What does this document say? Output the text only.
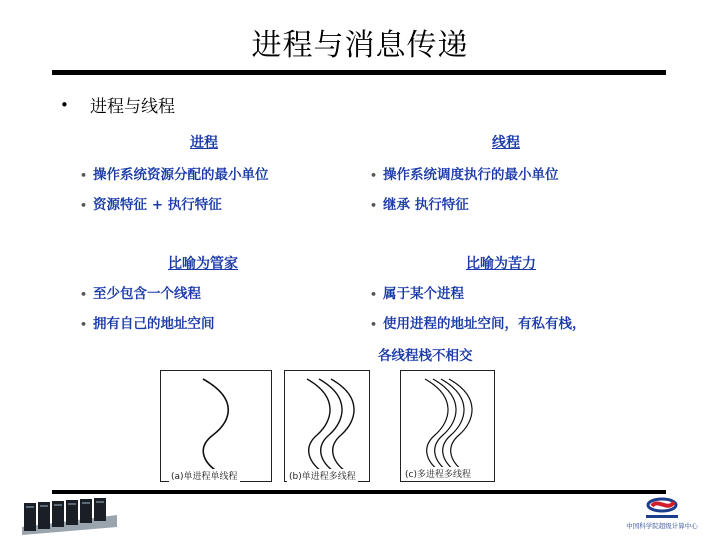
进程与消息传递
• 进程与线程
进程	线程
• 操作系统资源分配的最小单位
• 资源特征 + 执行特征
• 操作系统调度执行的最小单位
• 继承 执行特征
比喻为管家	比喻为苦力
• 至少包含一个线程
• 拥有自己的地址空间
• 属于某个进程
• 使用进程的地址空间，有私有栈，
各线程栈不相交
(a)单进程单线程	(b)单进程多线程	(c)多进程多线程
中国科学院超级计算中心
